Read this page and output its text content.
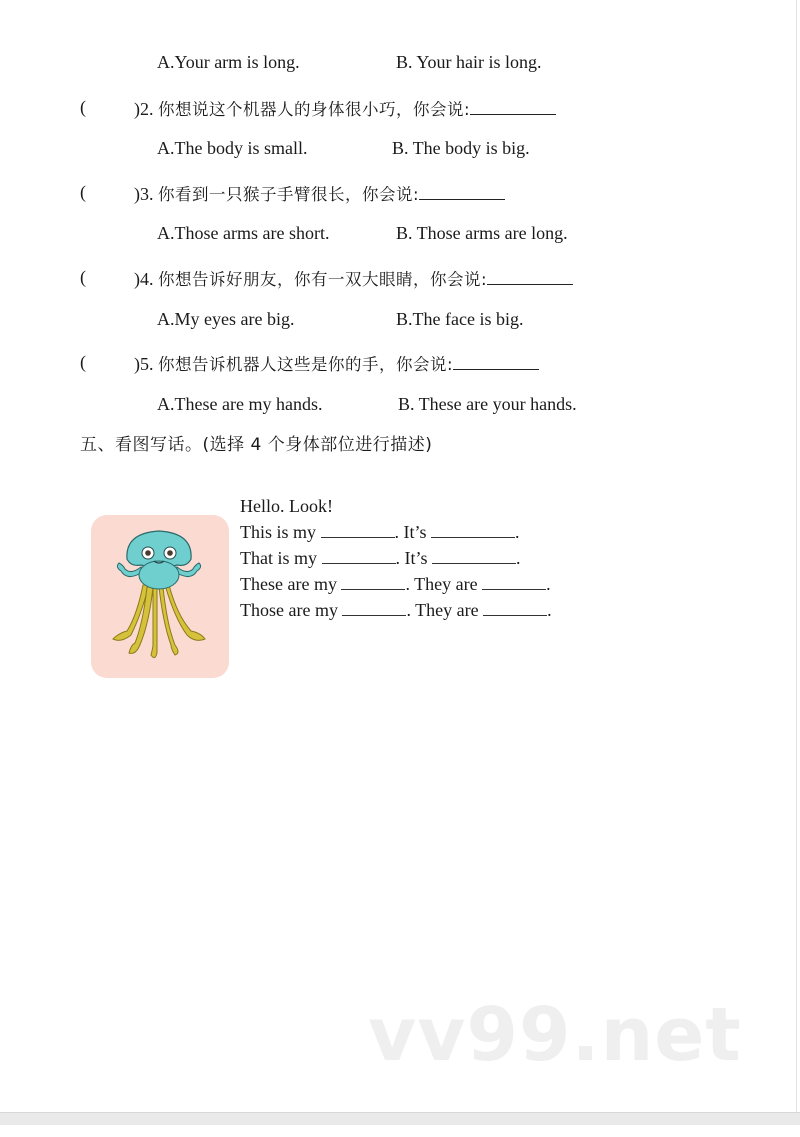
A.Your arm is long.	B. Your hair is long.
(	)2. 你想说这个机器人的身体很小巧，你会说:
A.The body is small.	B. The body is big.
(	)3. 你看到一只猴子手臂很长，你会说:
A.Those arms are short.	B. Those arms are long.
(	)4. 你想告诉好朋友，你有一双大眼睛，你会说:
A.My eyes are big.	B.The face is big.
(	)5. 你想告诉机器人这些是你的手，你会说:
A.These are my hands.	B. These are your hands.
五、看图写话。(选择 4 个身体部位进行描述)
Hello. Look!
This is my	. It’s	.
That is my	. It’s	.
These are my	. They are	.
Those are my	. They are	.
vv99.net
